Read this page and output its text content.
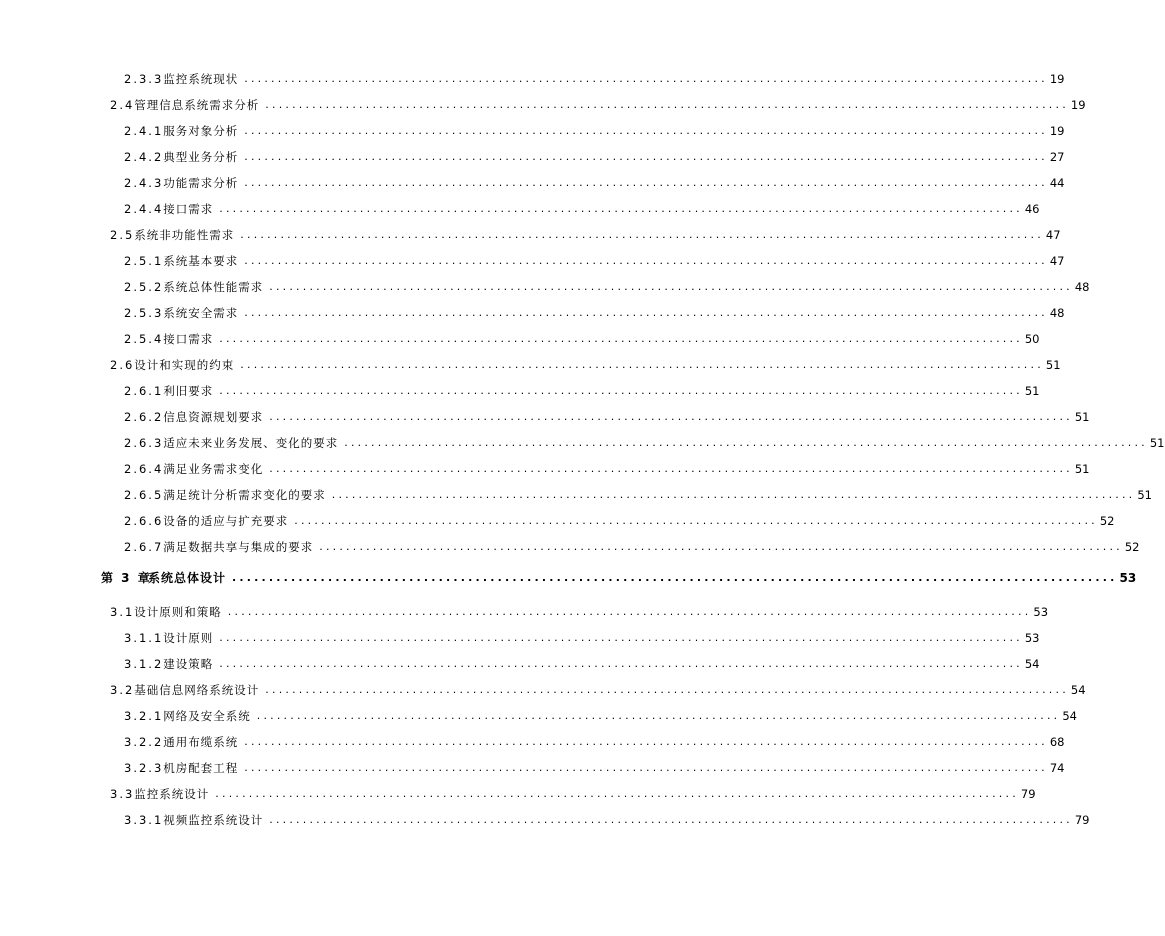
2.3.3 监控系统现状 ........................................................................................................................ 19
2.4 管理信息系统需求分析 ........................................................................................................................ 19
2.4.1 服务对象分析 ........................................................................................................................ 19
2.4.2 典型业务分析 ........................................................................................................................ 27
2.4.3 功能需求分析 ........................................................................................................................ 44
2.4.4 接口需求 ........................................................................................................................ 46
2.5 系统非功能性需求 ........................................................................................................................ 47
2.5.1 系统基本要求 ........................................................................................................................ 47
2.5.2 系统总体性能需求 ........................................................................................................................ 48
2.5.3 系统安全需求 ........................................................................................................................ 48
2.5.4 接口需求 ........................................................................................................................ 50
2.6 设计和实现的约束 ........................................................................................................................ 51
2.6.1 利旧要求 ........................................................................................................................ 51
2.6.2 信息资源规划要求 ........................................................................................................................ 51
2.6.3 适应未来业务发展、变化的要求 ........................................................................................................................ 51
2.6.4 满足业务需求变化 ........................................................................................................................ 51
2.6.5 满足统计分析需求变化的要求 ........................................................................................................................ 51
2.6.6 设备的适应与扩充要求 ........................................................................................................................ 52
2.6.7 满足数据共享与集成的要求 ........................................................................................................................ 52
第 3 章
系统总体设计 ........................................................................................................................ 53
3.1 设计原则和策略 ........................................................................................................................ 53
3.1.1 设计原则 ........................................................................................................................ 53
3.1.2 建设策略 ........................................................................................................................ 54
3.2 基础信息网络系统设计 ........................................................................................................................ 54
3.2.1 网络及安全系统 ........................................................................................................................ 54
3.2.2 通用布缆系统 ........................................................................................................................ 68
3.2.3 机房配套工程 ........................................................................................................................ 74
3.3 监控系统设计 ........................................................................................................................ 79
3.3.1 视频监控系统设计 ........................................................................................................................ 79
